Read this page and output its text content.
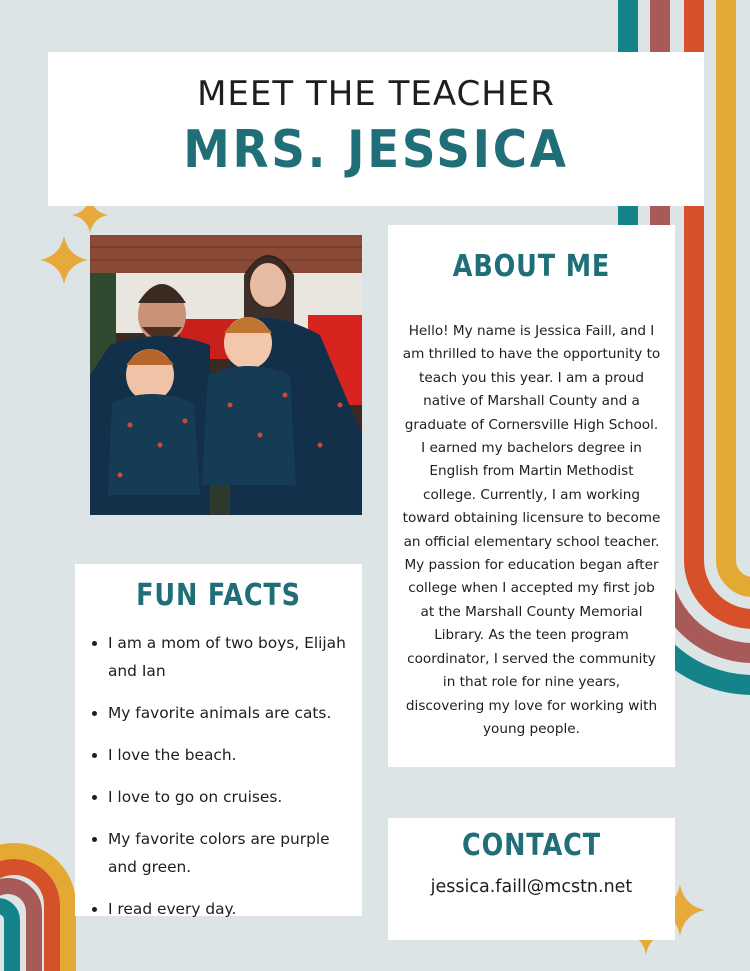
MEET THE TEACHER
MRS. JESSICA
ABOUT ME
Hello! My name is Jessica Faill, and I am thrilled to have the opportunity to teach you this year. I am a proud native of Marshall County and a graduate of Cornersville High School. I earned my bachelors degree in English from Martin Methodist college. Currently, I am working toward obtaining licensure to become an official elementary school teacher. My passion for education began after college when I accepted my first job at the Marshall County Memorial Library. As the teen program coordinator, I served the community in that role for nine years, discovering my love for working with young people.
FUN FACTS
• I am a mom of two boys, Elijah and Ian
• My favorite animals are cats.
• I love the beach.
• I love to go on cruises.
• My favorite colors are purple and green.
• I read every day.
CONTACT
jessica.faill@mcstn.net
